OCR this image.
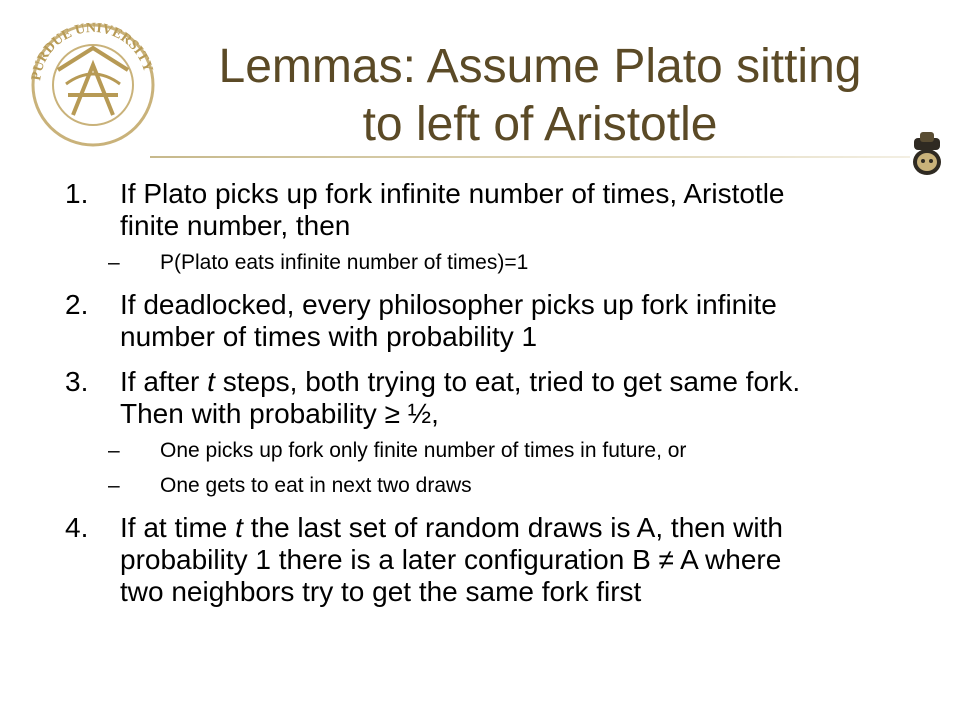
PURDUE UNIVERSITY	Lemmas: Assume Plato sitting
to left of Aristotle
1. If Plato picks up fork infinite number of times, Aristotle
finite number, then
– P(Plato eats infinite number of times)=1
2. If deadlocked, every philosopher picks up fork infinite
number of times with probability 1
3. If after t steps, both trying to eat, tried to get same fork.
Then with probability ≥ ½,
– One picks up fork only finite number of times in future, or
– One gets to eat in next two draws
4. If at time t the last set of random draws is A, then with
probability 1 there is a later configuration B ≠ A where
two neighbors try to get the same fork first
